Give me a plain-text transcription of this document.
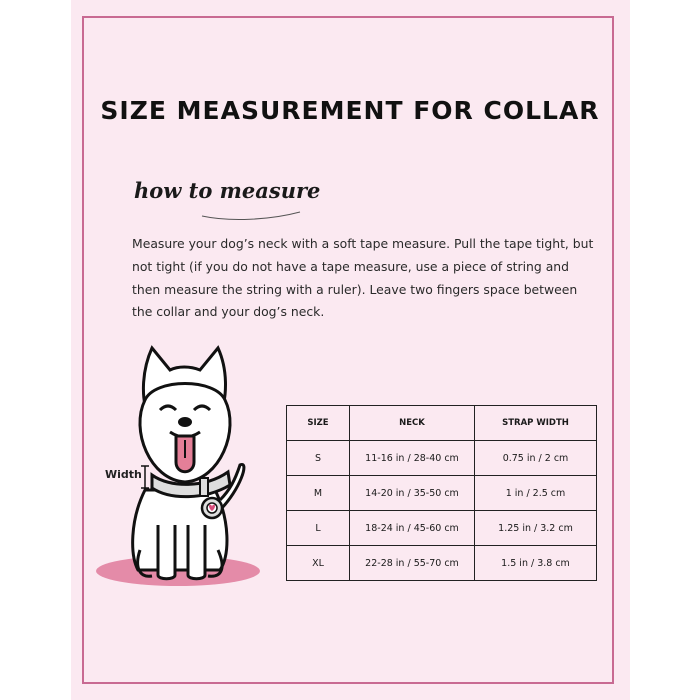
SIZE MEASUREMENT FOR COLLAR
how to measure
Measure your dog’s neck with a soft tape measure. Pull the tape tight, but not tight (if you do not have a tape measure, use a piece of string and then measure the string with a ruler). Leave two fingers space between the collar and your dog’s neck.
Width
SIZE	NECK	STRAP WIDTH
S	11-16 in / 28-40 cm	0.75 in / 2 cm
M	14-20 in / 35-50 cm	1 in / 2.5 cm
L	18-24 in / 45-60 cm	1.25 in / 3.2 cm
XL	22-28 in / 55-70 cm	1.5 in / 3.8 cm
